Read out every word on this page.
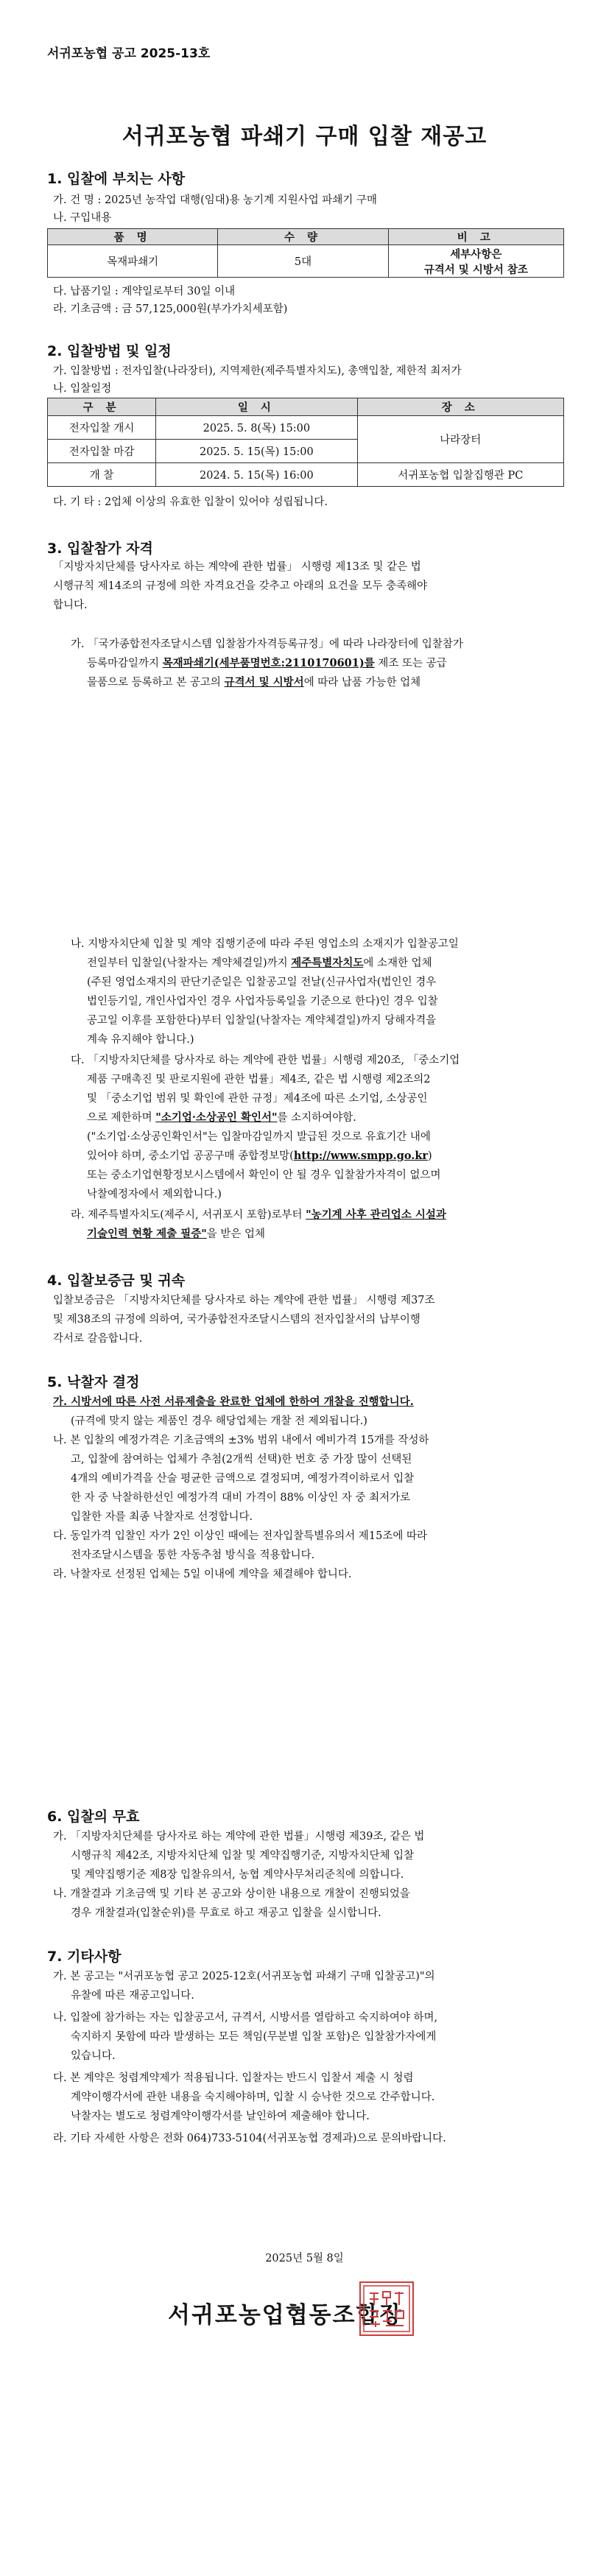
서귀포농협 공고 2025-13호
서귀포농협 파쇄기 구매 입찰 재공고
1. 입찰에 부치는 사항
가. 건 명 : 2025년 농작업 대행(임대)용 농기계 지원사업 파쇄기 구매
나. 구입내용
품 명	수 량	비 고
목재파쇄기	5대	세부사항은
규격서 및 시방서 참조
다. 납품기일 : 계약일로부터 30일 이내
라. 기초금액 : 금 57,125,000원(부가가치세포함)
2. 입찰방법 및 일정
가. 입찰방법 : 전자입찰(나라장터), 지역제한(제주특별자치도), 총액입찰, 제한적 최저가
나. 입찰일정
구 분	일 시	장 소
전자입찰 개시	2025. 5. 8(목) 15:00	나라장터
전자입찰 마감	2025. 5. 15(목) 15:00	
개 찰	2024. 5. 15(목) 16:00	서귀포농협 입찰집행관 PC
다. 기 타 : 2업체 이상의 유효한 입찰이 있어야 성립됩니다.
3. 입찰참가 자격
「지방자치단체를 당사자로 하는 계약에 관한 법률」 시행령 제13조 및 같은 법
시행규칙 제14조의 규정에 의한 자격요건을 갖추고 아래의 요건을 모두 충족해야
합니다.
가. 「국가종합전자조달시스템 입찰참가자격등록규정」에 따라 나라장터에 입찰참가
등록마감일까지 목재파쇄기(세부품명번호:2110170601)를 제조 또는 공급
물품으로 등록하고 본 공고의 규격서 및 시방서에 따라 납품 가능한 업체
나. 지방자치단체 입찰 및 계약 집행기준에 따라 주된 영업소의 소재지가 입찰공고일
전일부터 입찰일(낙찰자는 계약체결일)까지 제주특별자치도에 소재한 업체
(주된 영업소재지의 판단기준일은 입찰공고일 전날(신규사업자(법인인 경우
법인등기일, 개인사업자인 경우 사업자등록일을 기준으로 한다)인 경우 입찰
공고일 이후를 포함한다)부터 입찰일(낙찰자는 계약체결일)까지 당해자격을
계속 유지해야 합니다.)
다. 「지방자치단체를 당사자로 하는 계약에 관한 법률」시행령 제20조, 「중소기업
제품 구매촉진 및 판로지원에 관한 법률」제4조, 같은 법 시행령 제2조의2
및 「중소기업 범위 및 확인에 관한 규정」제4조에 따른 소기업, 소상공인
으로 제한하며 "소기업·소상공인 확인서"를 소지하여야함.
("소기업·소상공인확인서"는 입찰마감일까지 발급된 것으로 유효기간 내에
있어야 하며, 중소기업 공공구매 종합정보망(http://www.smpp.go.kr)
또는 중소기업현황정보시스템에서 확인이 안 될 경우 입찰참가자격이 없으며
낙찰예정자에서 제외합니다.)
라. 제주특별자치도(제주시, 서귀포시 포함)로부터 "농기계 사후 관리업소 시설과
기술인력 현황 제출 필증"을 받은 업체
4. 입찰보증금 및 귀속
입찰보증금은 「지방자치단체를 당사자로 하는 계약에 관한 법률」 시행령 제37조
및 제38조의 규정에 의하여, 국가종합전자조달시스템의 전자입찰서의 납부이행
각서로 갈음합니다.
5. 낙찰자 결정
가. 시방서에 따른 사전 서류제출을 완료한 업체에 한하여 개찰을 진행합니다.
(규격에 맞지 않는 제품인 경우 해당업체는 개찰 전 제외됩니다.)
나. 본 입찰의 예정가격은 기초금액의 ±3% 범위 내에서 예비가격 15개를 작성하
고, 입찰에 참여하는 업체가 추첨(2개씩 선택)한 번호 중 가장 많이 선택된
4개의 예비가격을 산술 평균한 금액으로 결정되며, 예정가격이하로서 입찰
한 자 중 낙찰하한선인 예정가격 대비 가격이 88% 이상인 자 중 최저가로
입찰한 자를 최종 낙찰자로 선정합니다.
다. 동일가격 입찰인 자가 2인 이상인 때에는 전자입찰특별유의서 제15조에 따라
전자조달시스템을 통한 자동추첨 방식을 적용합니다.
라. 낙찰자로 선정된 업체는 5일 이내에 계약을 체결해야 합니다.
6. 입찰의 무효
가. 「지방자치단체를 당사자로 하는 계약에 관한 법률」시행령 제39조, 같은 법
시행규칙 제42조, 지방자치단체 입찰 및 계약집행기준, 지방자치단체 입찰
및 계약집행기준 제8장 입찰유의서, 농협 계약사무처리준칙에 의합니다.
나. 개찰결과 기초금액 및 기타 본 공고와 상이한 내용으로 개찰이 진행되었을
경우 개찰결과(입찰순위)를 무효로 하고 재공고 입찰을 실시합니다.
7. 기타사항
가. 본 공고는 "서귀포농협 공고 2025-12호(서귀포농협 파쇄기 구매 입찰공고)"의
유찰에 따른 재공고입니다.
나. 입찰에 참가하는 자는 입찰공고서, 규격서, 시방서를 열람하고 숙지하여야 하며,
숙지하지 못함에 따라 발생하는 모든 책임(무분별 입찰 포함)은 입찰참가자에게
있습니다.
다. 본 계약은 청렴계약제가 적용됩니다. 입찰자는 반드시 입찰서 제출 시 청렴
계약이행각서에 관한 내용을 숙지해야하며, 입찰 시 승낙한 것으로 간주합니다.
낙찰자는 별도로 청렴계약이행각서를 날인하여 제출해야 합니다.
라. 기타 자세한 사항은 전화 064)733-5104(서귀포농협 경제과)으로 문의바랍니다.
2025년 5월 8일
서귀포농업협동조합장
